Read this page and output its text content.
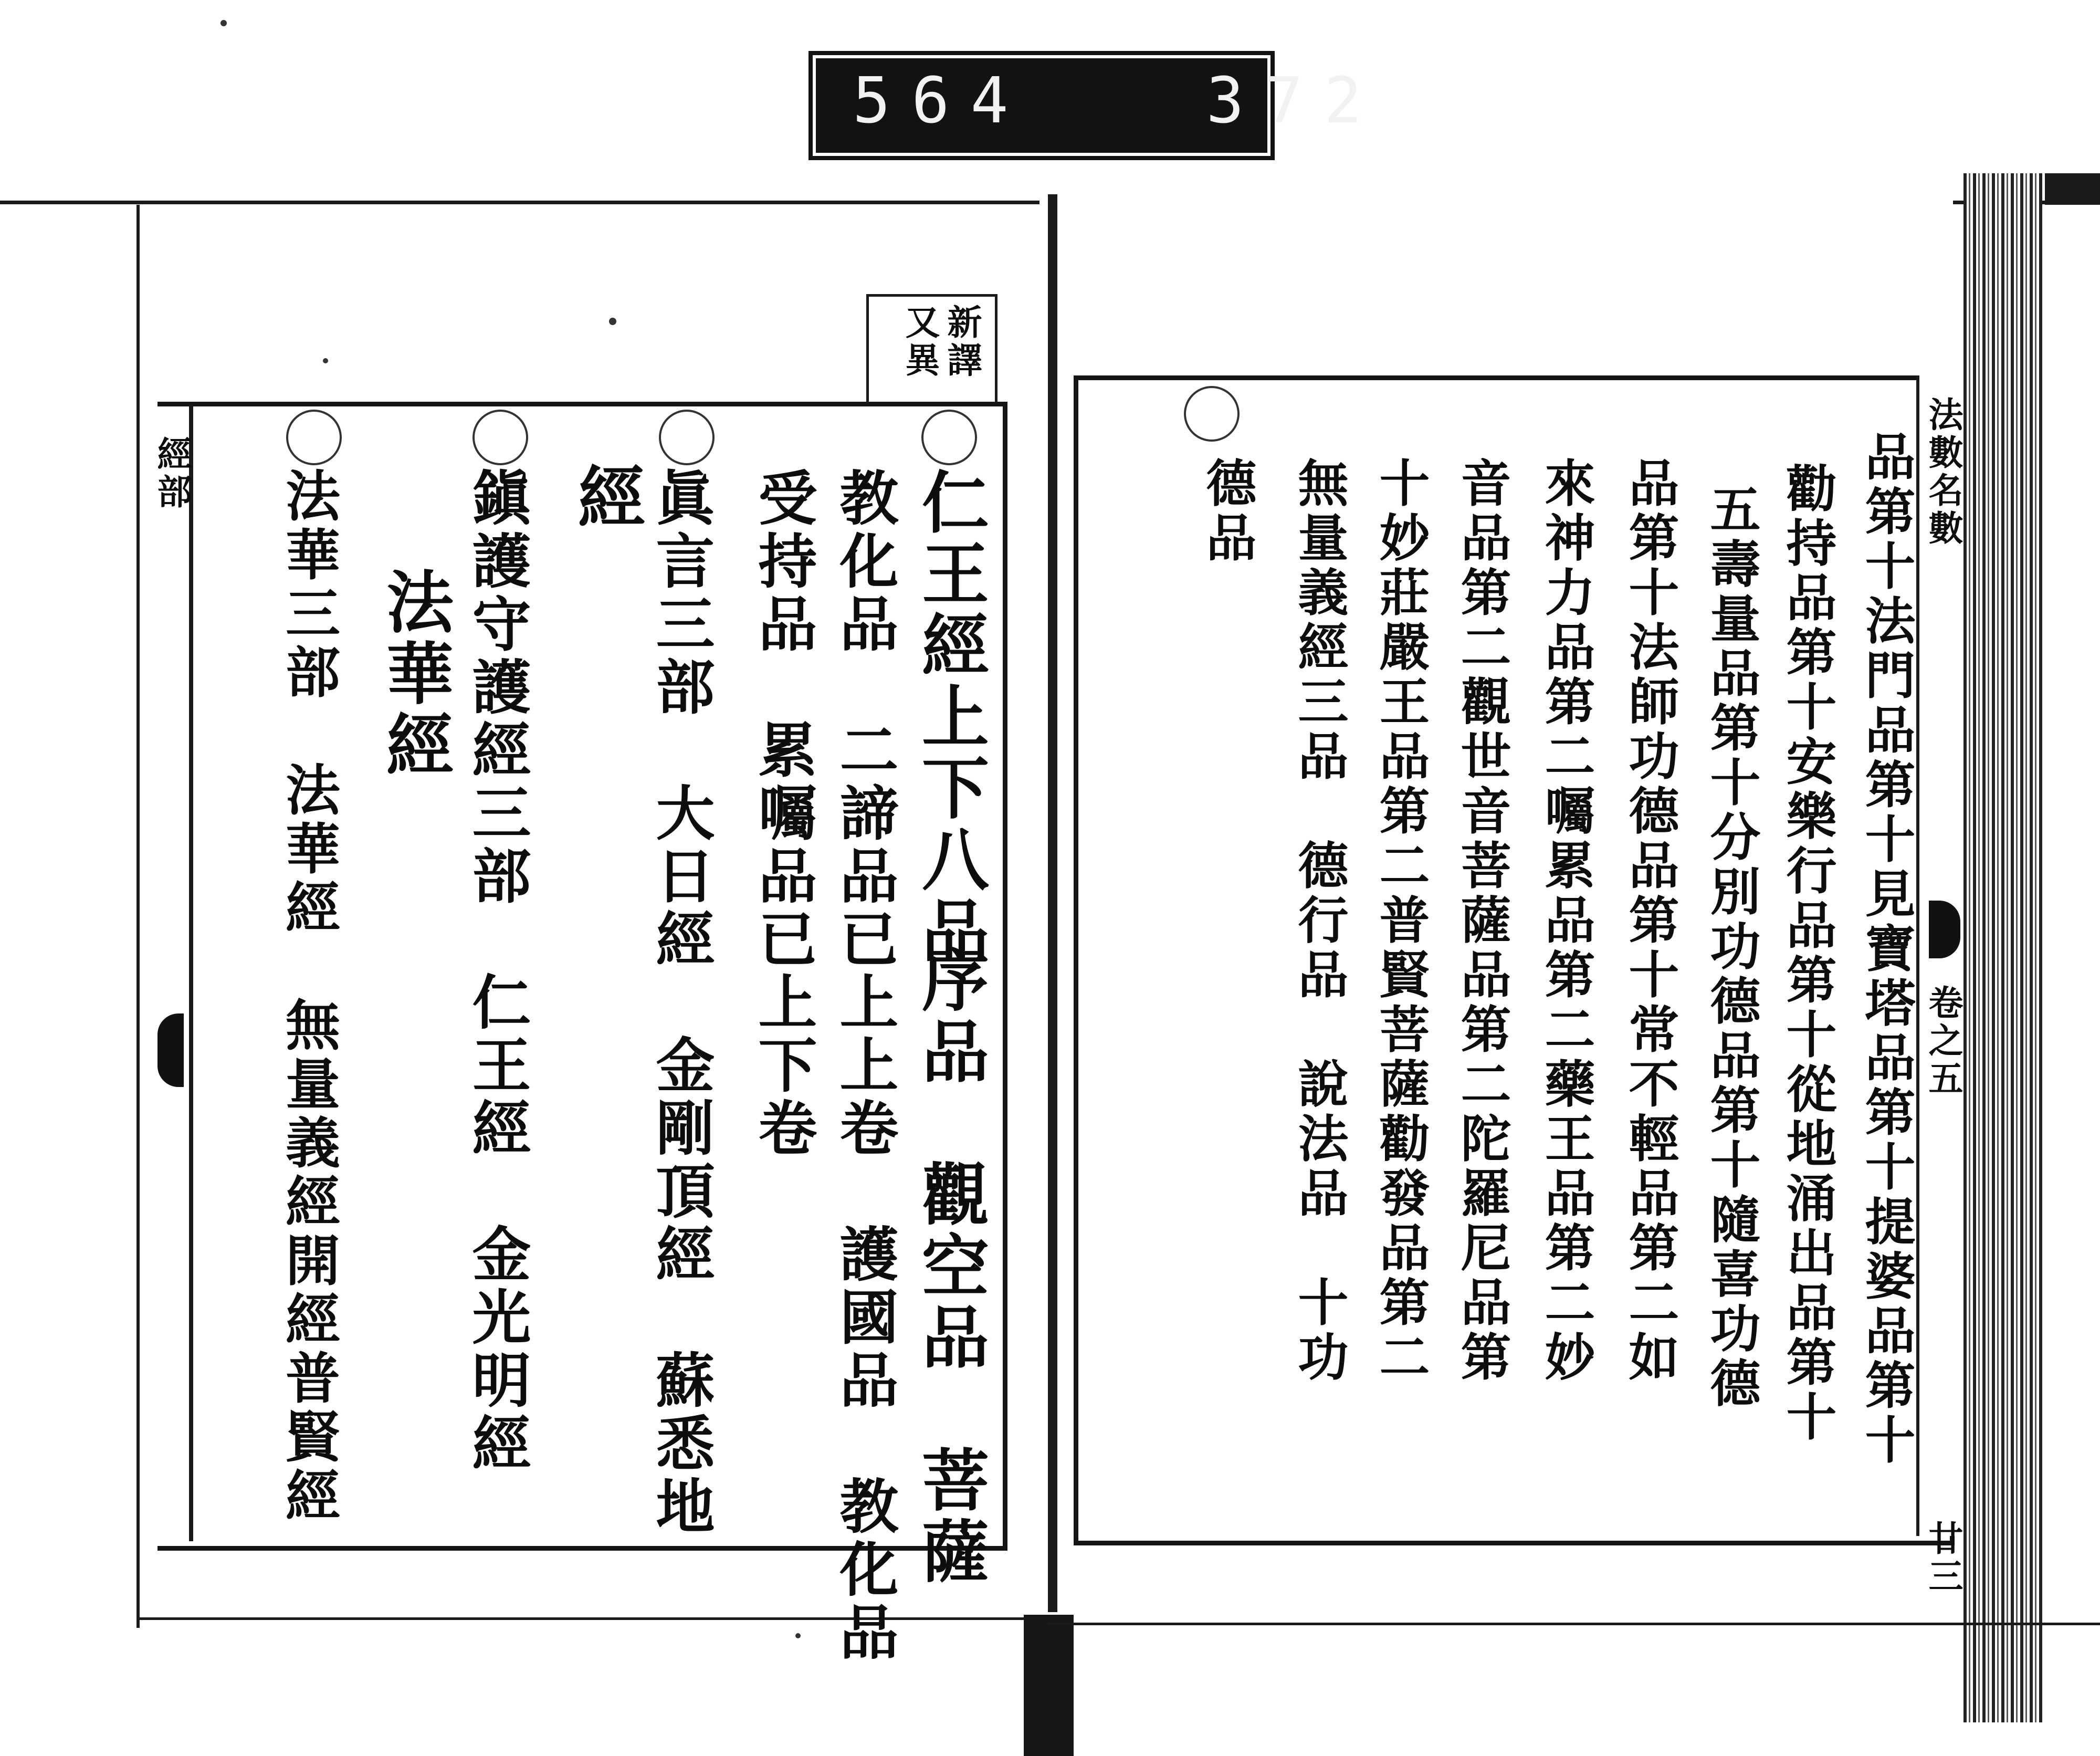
564   372
新譯
又異
經部	仁王經上下八品
序品　觀空品　菩薩
教化品　二諦品已上上卷　護國品　教化品
受持品　累囑品已上下卷
眞言三部　大日經　金剛頂經　蘇悉地
經
鎭護守護經三部　仁王經　金光明經
法華經
法華三部　法華經　無量義經開經普賢經	法數名數
卷之五
廿三
品第十法門品第十見寶塔品第十提婆品第十
勸持品第十安樂行品第十從地涌出品第十
五壽量品第十分別功德品第十隨喜功德
品第十法師功德品第十常不輕品第二如
來神力品第二囑累品第二藥王品第二妙
音品第二觀世音菩薩品第二陀羅尼品第
十妙莊嚴王品第二普賢菩薩勸發品第二
無量義經三品　德行品　說法品　十功
德品
